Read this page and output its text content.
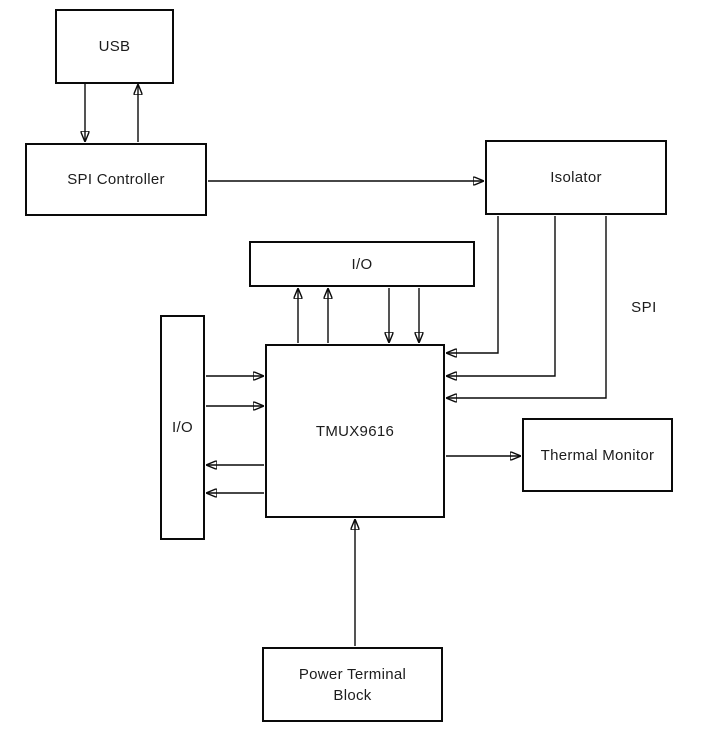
USB
SPI Controller	Isolator
I/O
I/O	TMUX9616
Thermal Monitor
Power Terminal Block
SPI
